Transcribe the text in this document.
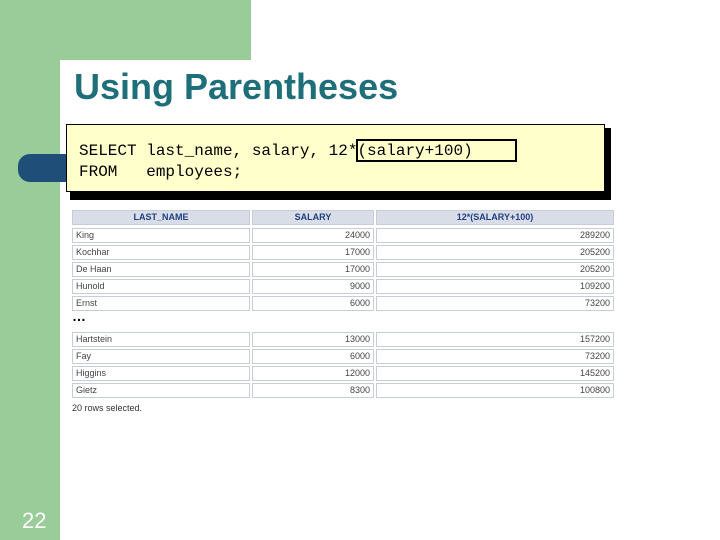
Using Parentheses
SELECT last_name, salary, 12*(salary+100)
FROM   employees;
LAST_NAME	SALARY	12*(SALARY+100)
King	24000	289200
Kochhar	17000	205200
De Haan	17000	205200
Hunold	9000	109200
Ernst	6000	73200
Hartstein	13000	157200
Fay	6000	73200
Higgins	12000	145200
Gietz	8300	100800
…
20 rows selected.
22
